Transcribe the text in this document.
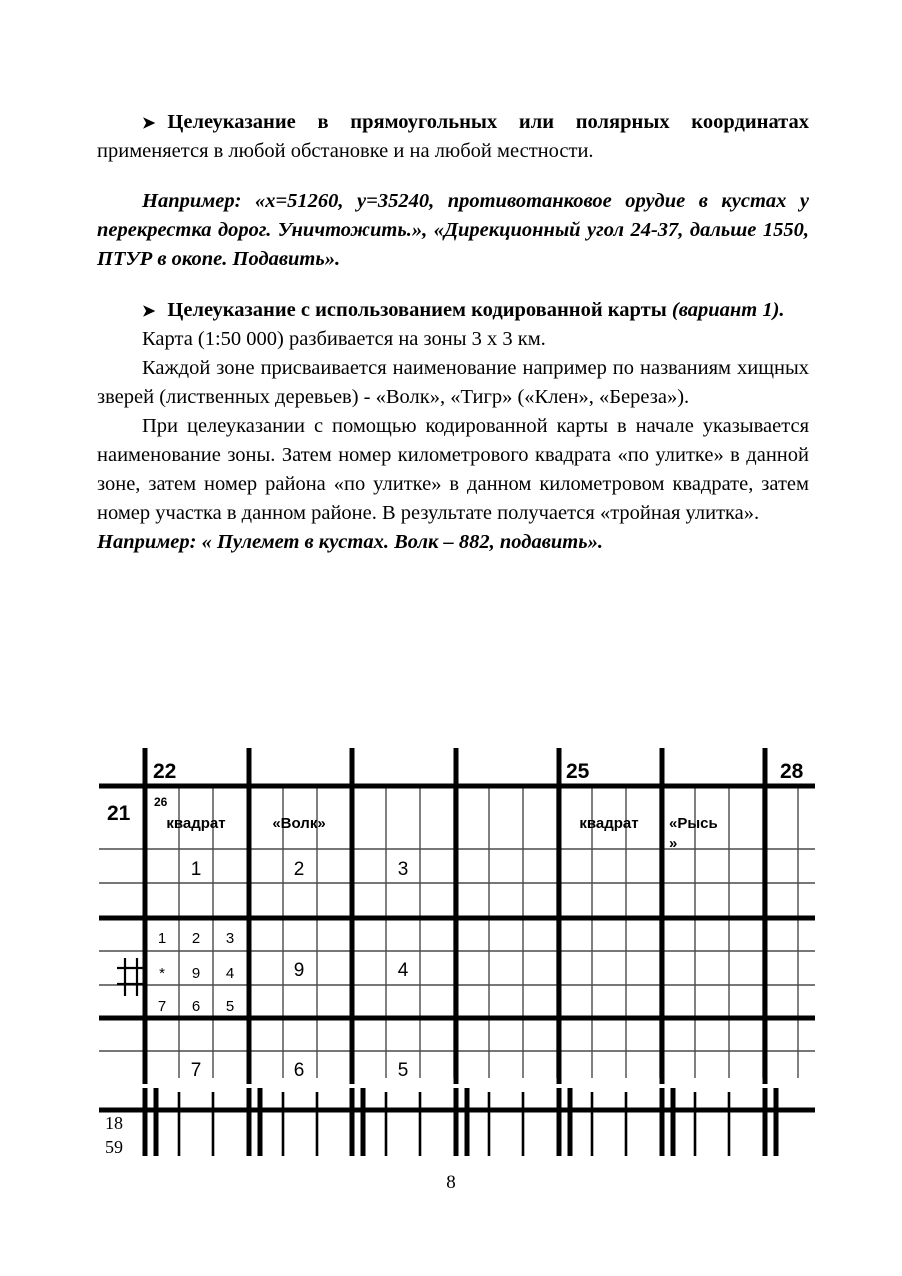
➤ Целеуказание в прямоугольных или полярных координатах применяется в любой обстановке и на любой местности.

Например: «x=51260, y=35240, противотанковое орудие в кустах у перекрестка дорог. Уничтожить.», «Дирекционный угол 24-37, дальше 1550, ПТУР в окопе. Подавить».

➤ Целеуказание с использованием кодированной карты (вариант 1).

Карта (1:50 000) разбивается на зоны 3 х 3 км.

Каждой зоне присваивается наименование например по названиям хищных зверей (лиственных деревьев) - «Волк», «Тигр» («Клен», «Береза»).

При целеуказании с помощью кодированной карты в начале указывается наименование зоны. Затем номер километрового квадрата «по улитке» в данной зоне, затем номер района «по улитке» в данном километровом квадрате, затем номер участка в данном районе. В результате получается «тройная улитка».

Например: « Пулемет в кустах. Волк – 882, подавить».

22	25	28
21 26
квадрат	«Волк»	квадрат «Рысь
»
1	2	3
9	4
7	6	5
1 2 3
* 9 4
7 6 5
18
59
8
